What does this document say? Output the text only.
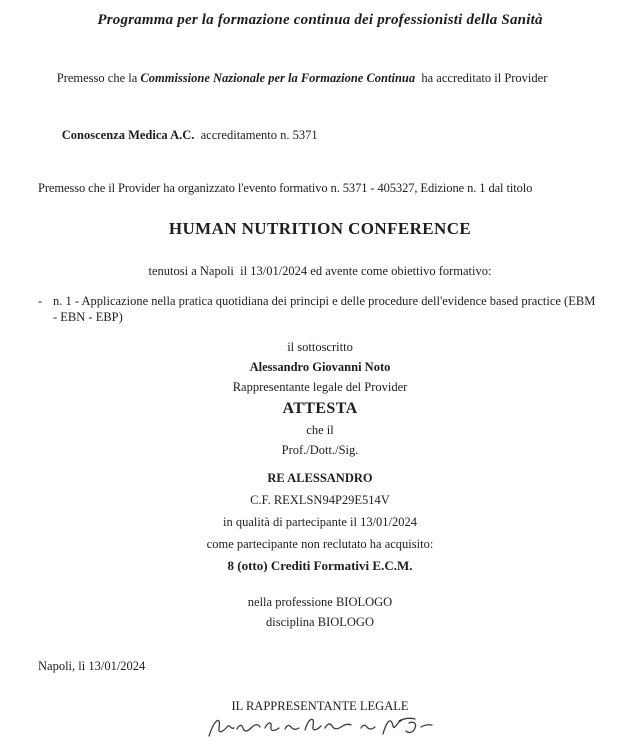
Programma per la formazione continua dei professionisti della Sanità

Premesso che la Commissione Nazionale per la Formazione Continua  ha accreditato il Provider

Conoscenza Medica A.C.  accreditamento n. 5371

Premesso che il Provider ha organizzato l'evento formativo n. 5371 - 405327, Edizione n. 1 dal titolo
HUMAN NUTRITION CONFERENCE
tenutosi a Napoli  il 13/01/2024 ed avente come obiettivo formativo:
- n. 1 - Applicazione nella pratica quotidiana dei principi e delle procedure dell'evidence based practice (EBM - EBN - EBP)
il sottoscritto
Alessandro Giovanni Noto
Rappresentante legale del Provider
ATTESTA
che il
Prof./Dott./Sig.
RE ALESSANDRO
C.F. REXLSN94P29E514V
in qualità di partecipante il 13/01/2024
come partecipante non reclutato ha acquisito:
8 (otto) Crediti Formativi E.C.M.
nella professione BIOLOGO
disciplina BIOLOGO
Napoli, lì 13/01/2024
IL RAPPRESENTANTE LEGALE
